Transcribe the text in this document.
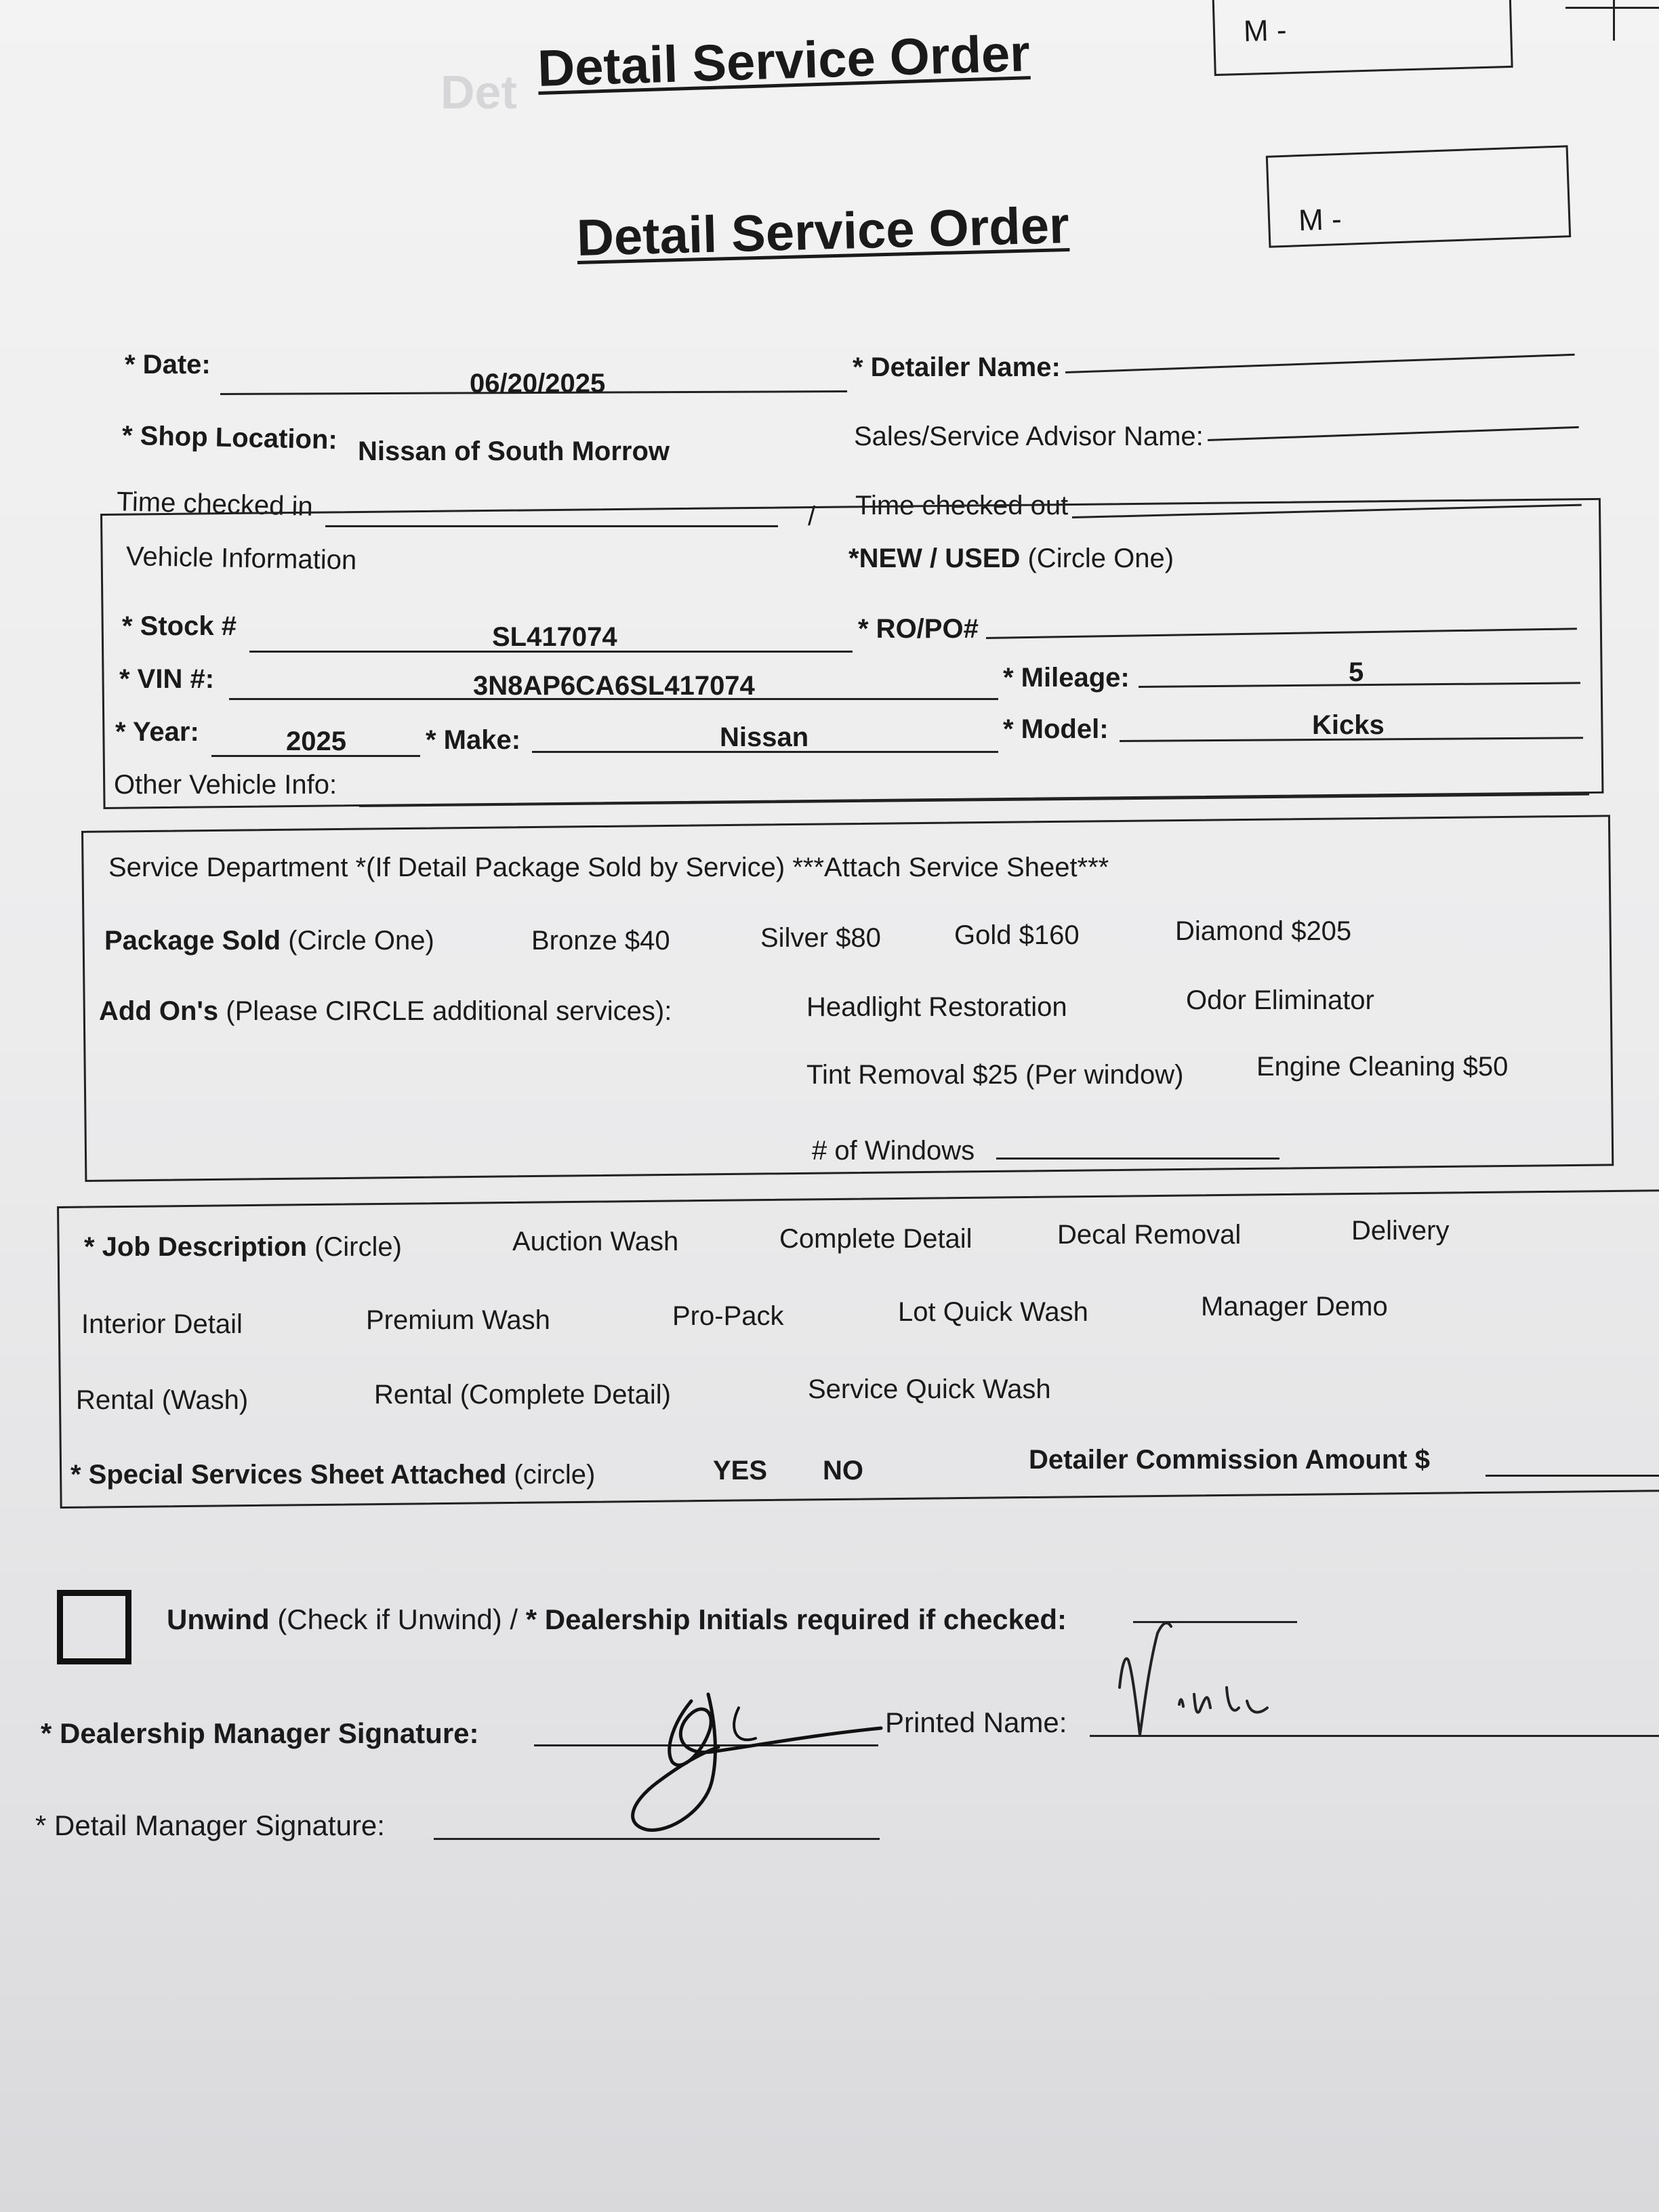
Det Detail Service Order	M -
Detail Service Order	M -
* Date:
06/20/2025
* Detailer Name:
* Shop Location: Nissan of South Morrow	Sales/Service Advisor Name:
Time checked in	/ Time checked out
Vehicle Information	*NEW / USED (Circle One)
* Stock #	SL417074	* RO/PO#
* VIN #:	3N8AP6CA6SL417074	* Mileage:	5
* Year:	2025	* Make:	Nissan	* Model:	Kicks
Other Vehicle Info:
Service Department *(If Detail Package Sold by Service) ***Attach Service Sheet***
Package Sold (Circle One)	Bronze $40	Silver $80	Gold $160	Diamond $205
Add On's (Please CIRCLE additional services):	Headlight Restoration	Odor Eliminator
Tint Removal $25 (Per window)	Engine Cleaning $50
# of Windows
* Job Description (Circle)	Auction Wash	Complete Detail	Decal Removal	Delivery
Interior Detail	Premium Wash	Pro-Pack	Lot Quick Wash	Manager Demo
Rental (Wash)	Rental (Complete Detail)	Service Quick Wash
* Special Services Sheet Attached (circle)	YES NO	Detailer Commission Amount $
Unwind (Check if Unwind) / * Dealership Initials required if checked:
* Dealership Manager Signature:	Printed Name:
* Detail Manager Signature:
